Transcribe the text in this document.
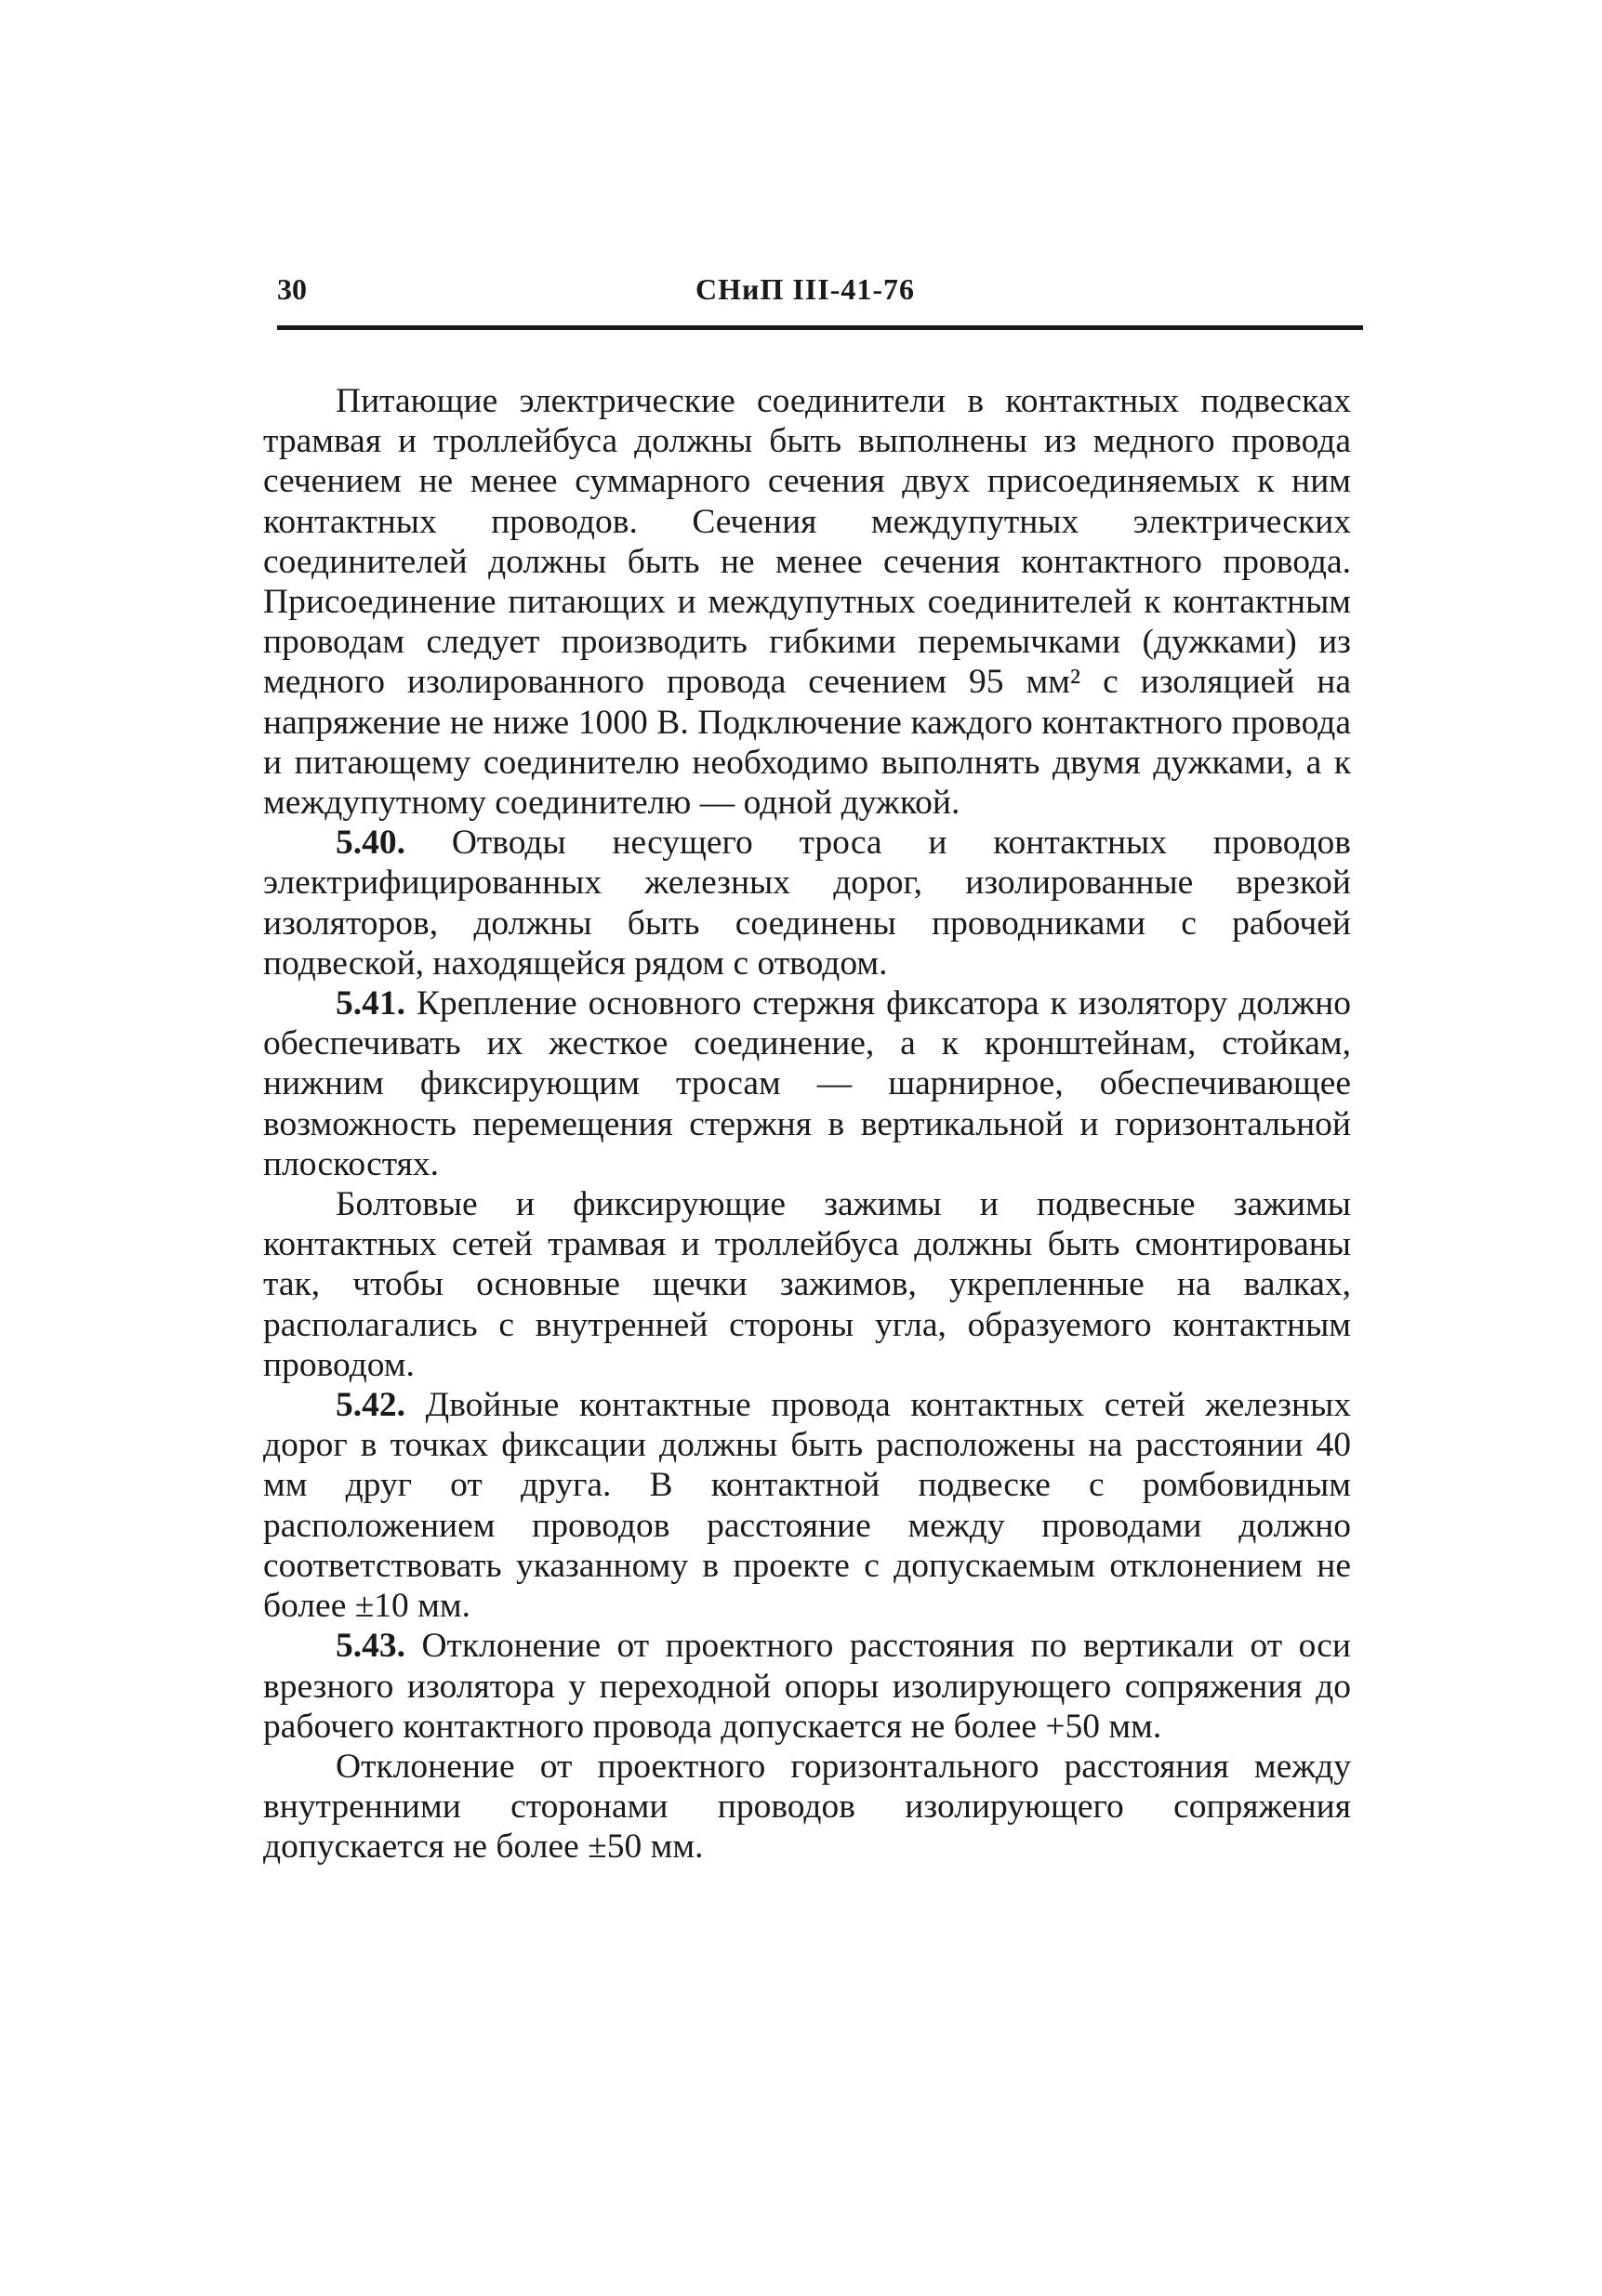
30	СНиП III-41-76

Питающие электрические соединители в контактных подвесках трамвая и троллейбуса должны быть выполнены из медного провода сечением не менее суммарного сечения двух присоединяемых к ним контактных проводов. Сечения междупутных электрических соединителей должны быть не менее сечения контактного провода. Присоединение питающих и междупутных соединителей к контактным проводам следует производить гибкими перемычками (дужками) из медного изолированного провода сечением 95 мм² с изоляцией на напряжение не ниже 1000 В. Подключение каждого контактного провода и питающему соединителю необходимо выполнять двумя дужками, а к междупутному соединителю — одной дужкой.

5.40. Отводы несущего троса и контактных проводов электрифицированных железных дорог, изолированные врезкой изоляторов, должны быть соединены проводниками с рабочей подвеской, находящейся рядом с отводом.

5.41. Крепление основного стержня фиксатора к изолятору должно обеспечивать их жесткое соединение, а к кронштейнам, стойкам, нижним фиксирующим тросам — шарнирное, обеспечивающее возможность перемещения стержня в вертикальной и горизонтальной плоскостях.

Болтовые и фиксирующие зажимы и подвесные зажимы контактных сетей трамвая и троллейбуса должны быть смонтированы так, чтобы основные щечки зажимов, укрепленные на валках, располагались с внутренней стороны угла, образуемого контактным проводом.

5.42. Двойные контактные провода контактных сетей железных дорог в точках фиксации должны быть расположены на расстоянии 40 мм друг от друга. В контактной подвеске с ромбовидным расположением проводов расстояние между проводами должно соответствовать указанному в проекте с допускаемым отклонением не более ±10 мм.

5.43. Отклонение от проектного расстояния по вертикали от оси врезного изолятора у переходной опоры изолирующего сопряжения до рабочего контактного провода допускается не более +50 мм.

Отклонение от проектного горизонтального расстояния между внутренними сторонами проводов изолирующего сопряжения допускается не более ±50 мм.
